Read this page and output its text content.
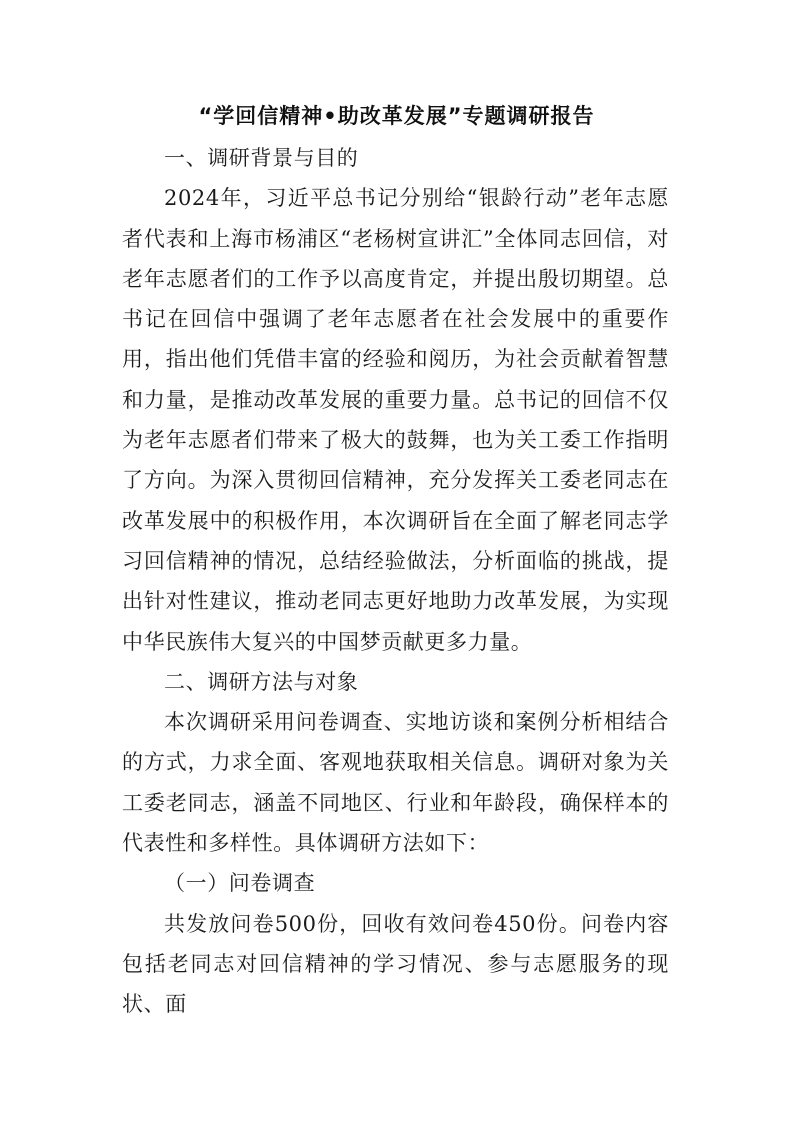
“学回信精神•助改革发展”专题调研报告

一、调研背景与目的

2024年，习近平总书记分别给“银龄行动”老年志愿者代表和上海市杨浦区“老杨树宣讲汇”全体同志回信，对老年志愿者们的工作予以高度肯定，并提出殷切期望。总书记在回信中强调了老年志愿者在社会发展中的重要作用，指出他们凭借丰富的经验和阅历，为社会贡献着智慧和力量，是推动改革发展的重要力量。总书记的回信不仅为老年志愿者们带来了极大的鼓舞，也为关工委工作指明了方向。为深入贯彻回信精神，充分发挥关工委老同志在改革发展中的积极作用，本次调研旨在全面了解老同志学习回信精神的情况，总结经验做法，分析面临的挑战，提出针对性建议，推动老同志更好地助力改革发展，为实现中华民族伟大复兴的中国梦贡献更多力量。

二、调研方法与对象

本次调研采用问卷调查、实地访谈和案例分析相结合的方式，力求全面、客观地获取相关信息。调研对象为关工委老同志，涵盖不同地区、行业和年龄段，确保样本的代表性和多样性。具体调研方法如下：

（一）问卷调查

共发放问卷500份，回收有效问卷450份。问卷内容包括老同志对回信精神的学习情况、参与志愿服务的现状、面
